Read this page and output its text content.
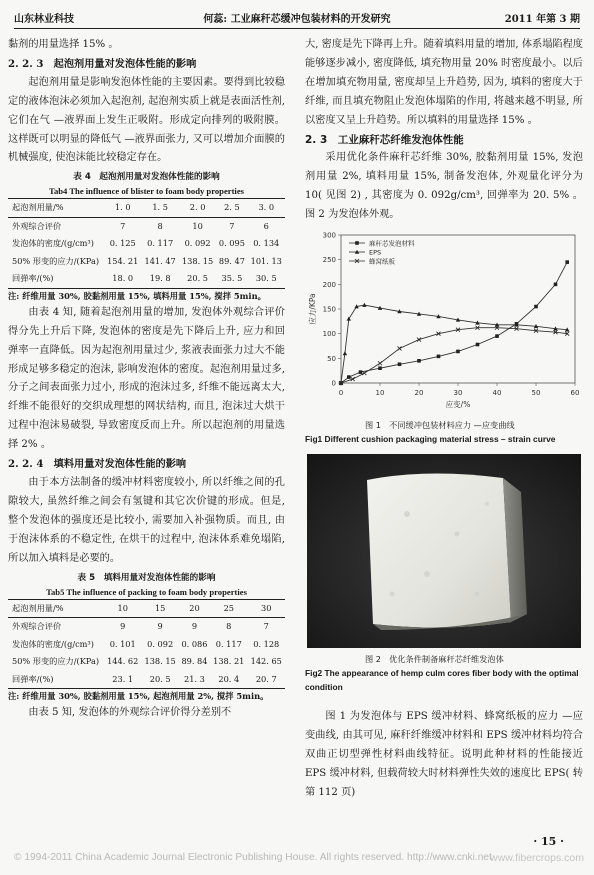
山东林业科技	何蕊: 工业麻秆芯缓冲包装材料的开发研究	2011 年第 3 期

黏剂的用量选择 15% 。

2. 2. 3　起泡剂用量对发泡体性能的影响

起泡剂用量是影响发泡体性能的主要因素。要得到比较稳定的液体泡沫必须加入起泡剂, 起泡剂实质上就是表面活性剂, 它们在气 —液界面上发生正吸附。形成定向排列的吸附膜。这样既可以明显的降低气 —液界面张力, 又可以增加介面膜的机械强度, 使泡沫能比较稳定存在。

表 4　起泡剂用量对发泡体性能的影响
Tab4 The influence of blister to foam body properties
起泡剂用量/%	1. 0	1. 5	2. 0	2. 5	3. 0
外观综合评价	7	8	10	7	6
发泡体的密度/(g/cm³)	0. 125	0. 117	0. 092	0. 095	0. 134
50% 形变的应力/(KPa)	154. 21	141. 47	138. 15	89. 47	101. 13
回弹率/(%)	18. 0	19. 8	20. 5	35. 5	30. 5

注: 纤维用量 30%, 胶黏剂用量 15%, 填料用量 15%, 搅拌 5min。

由表 4 知, 随着起泡剂用量的增加, 发泡体外观综合评价得分先上升后下降, 发泡体的密度是先下降后上升, 应力和回弹率一直降低。因为起泡剂用量过少, 浆液表面张力过大不能形成足够多稳定的泡沫, 影响发泡体的密度。起泡剂用量过多, 分子之间表面张力过小, 形成的泡沫过多, 纤维不能远离太大, 纤维不能很好的交织成理想的网状结构, 而且, 泡沫过大烘干过程中泡沫易破裂, 导致密度反而上升。所以起泡剂的用量选择 2% 。

2. 2. 4　填料用量对发泡体性能的影响

由于本方法制备的缓冲材料密度较小, 所以纤维之间的孔隙较大, 虽然纤维之间会有氢键和其它次价键的形成。但是, 整个发泡体的强度还是比较小, 需要加入补强物质。而且, 由于泡沫体系的不稳定性, 在烘干的过程中, 泡沫体系难免塌陷, 所以加入填料是必要的。

表 5　填料用量对发泡体性能的影响
Tab5 The influence of packing to foam body properties
起泡剂用量/%	10	15	20	25	30
外观综合评价	9	9	9	8	7
发泡体的密度/(g/cm³)	0. 101	0. 092	0. 086	0. 117	0. 128
50% 形变的应力/(KPa)	144. 62	138. 15	89. 84	138. 21	142. 65
回弹率/(%)	23. 1	20. 5	21. 3	20. 4	20. 7

注: 纤维用量 30%, 胶黏剂用量 15%, 起泡剂用量 2%, 搅拌 5min。

由表 5 知, 发泡体的外观综合评价得分差别不

大, 密度是先下降再上升。随着填料用量的增加, 体系塌陷程度能够逐步减小, 密度降低, 填充物用量 20% 时密度最小。以后在增加填充物用量, 密度却呈上升趋势, 因为, 填料的密度大于纤维, 而且填充物阻止发泡体塌陷的作用, 将越来越不明显, 所以密度又呈上升趋势。所以填料的用量选择 15% 。

2. 3　工业麻秆芯纤维发泡体性能

采用优化条件麻秆芯纤维 30%, 胶黏剂用量 15%, 发泡剂用量 2%, 填料用量 15%, 制备发泡体, 外观量化评分为 10( 见图 2) , 其密度为 0. 092g/cm³, 回弹率为 20. 5% 。图 2 为发泡体外观。

0	10	20	30	40	50	60
0
50
100
150
200
250
300
应变/%
应力/KPa
麻秆芯发泡材料
EPS
蜂窝纸板
图 1　不同缓冲包装材料应力 —应变曲线
Fig1 Different cushion packaging material stress – strain curve
图 2　优化条件制备麻秆芯纤维发泡体
Fig2 The appearance of hemp culm cores fiber body with the optimal condition

图 1 为发泡体与 EPS 缓冲材料、蜂窝纸板的应力 —应变曲线, 由其可见, 麻秆纤维缓冲材料和 EPS 缓冲材料均符合双曲正切型弹性材料曲线特征。说明此种材料的性能接近 EPS 缓冲材料, 但载荷较大时材料弹性失效的速度比 EPS( 转第 112 页)

· 15 ·
© 1994-2011 China Academic Journal Electronic Publishing House. All rights reserved. http://www.cnki.net
www.fibercrops.com
